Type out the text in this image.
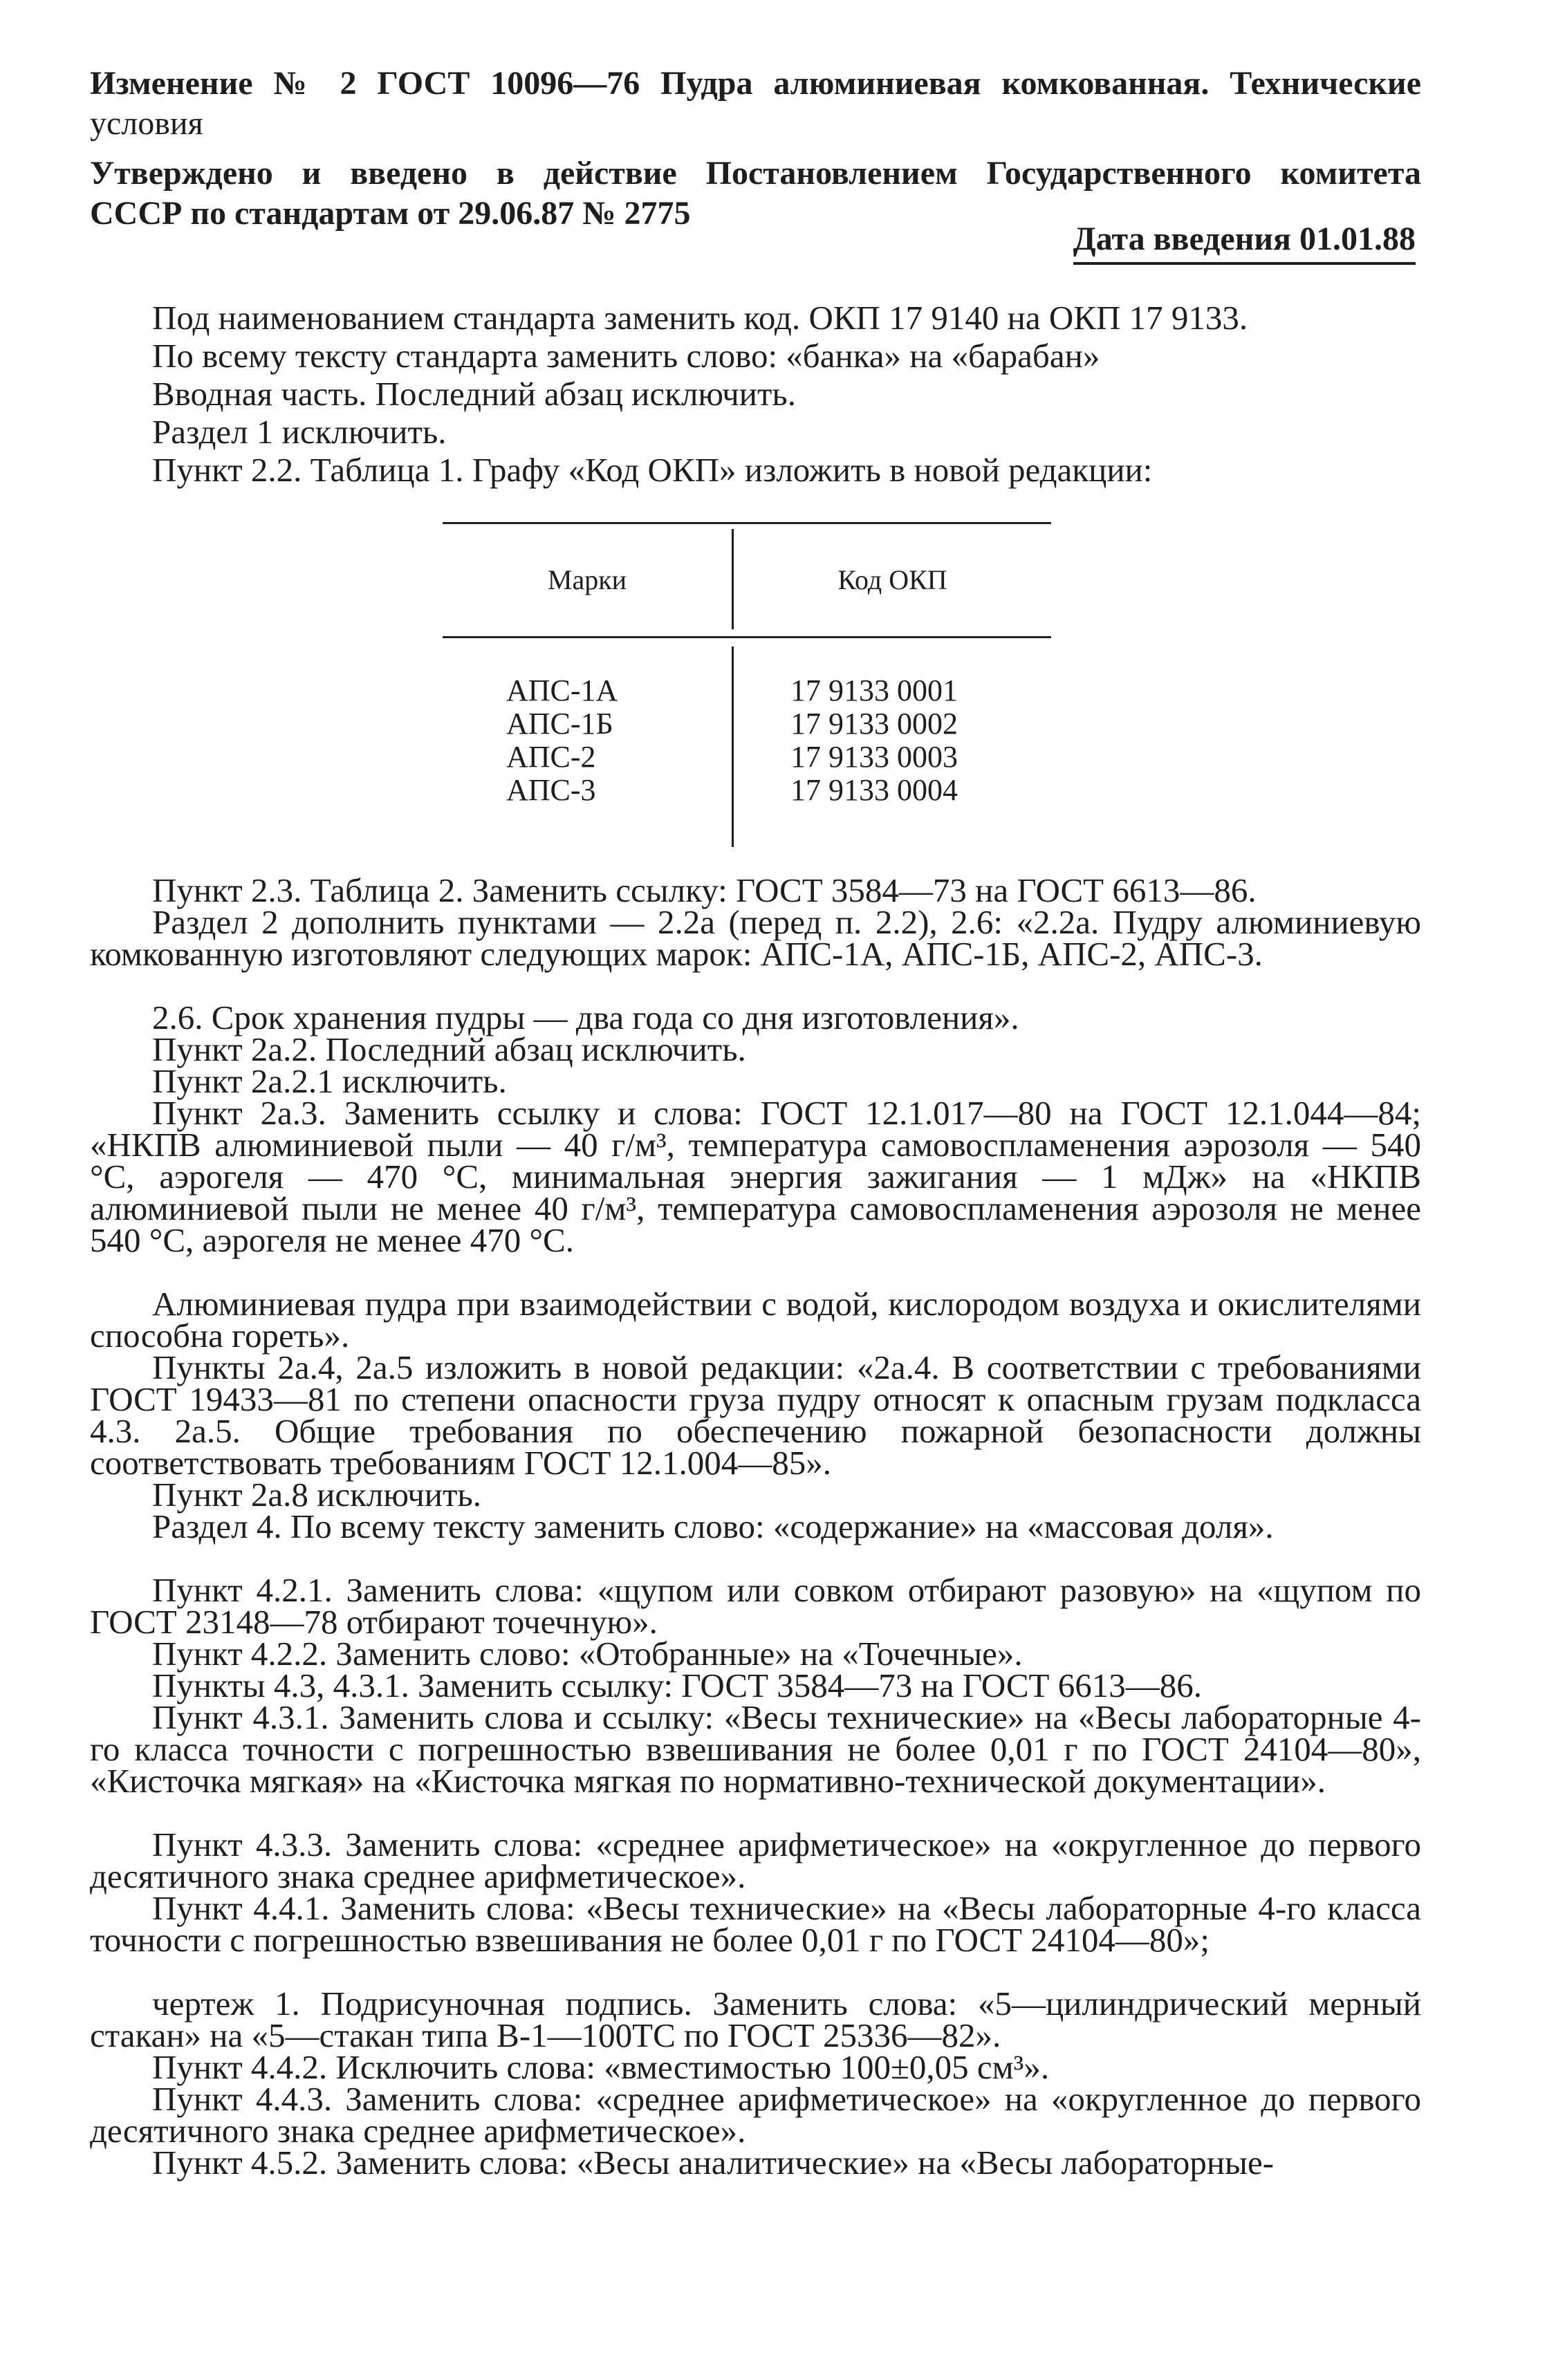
Изменение № 2 ГОСТ 10096—76 Пудра алюминиевая комкованная. Технические
условия
Утверждено и введено в действие Постановлением Государственного комитета
СССР по стандартам от 29.06.87 № 2775
Дата введения 01.01.88
Под наименованием стандарта заменить код. ОКП 17 9140 на ОКП 17 9133.
По всему тексту стандарта заменить слово: «банка» на «барабан»
Вводная часть. Последний абзац исключить.
Раздел 1 исключить.
Пункт 2.2. Таблица 1. Графу «Код ОКП» изложить в новой редакции:
Марки	Код ОКП
АПС-1А	17 9133 0001
АПС-1Б	17 9133 0002
АПС-2	17 9133 0003
АПС-3	17 9133 0004
Пункт 2.3. Таблица 2. Заменить ссылку: ГОСТ 3584—73 на ГОСТ 6613—86.
Раздел 2 дополнить пунктами — 2.2а (перед п. 2.2), 2.6: «2.2а. Пудру алюминиевую комкованную изготовляют следующих марок: АПС-1А, АПС-1Б, АПС-2, АПС-3.
2.6. Срок хранения пудры — два года со дня изготовления».
Пункт 2а.2. Последний абзац исключить.
Пункт 2а.2.1 исключить.
Пункт 2а.3. Заменить ссылку и слова: ГОСТ 12.1.017—80 на ГОСТ 12.1.044—84; «НКПВ алюминиевой пыли — 40 г/м³, температура самовоспламенения аэрозоля — 540 °С, аэрогеля — 470 °С, минимальная энергия зажигания — 1 мДж» на «НКПВ алюминиевой пыли не менее 40 г/м³, температура самовоспламенения аэрозоля не менее 540 °С, аэрогеля не менее 470 °С.
Алюминиевая пудра при взаимодействии с водой, кислородом воздуха и окислителями способна гореть».
Пункты 2а.4, 2а.5 изложить в новой редакции: «2а.4. В соответствии с требованиями ГОСТ 19433—81 по степени опасности груза пудру относят к опасным грузам подкласса 4.3. 2а.5. Общие требования по обеспечению пожарной безопасности должны соответствовать требованиям ГОСТ 12.1.004—85».
Пункт 2а.8 исключить.
Раздел 4. По всему тексту заменить слово: «содержание» на «массовая доля».
Пункт 4.2.1. Заменить слова: «щупом или совком отбирают разовую» на «щупом по ГОСТ 23148—78 отбирают точечную».
Пункт 4.2.2. Заменить слово: «Отобранные» на «Точечные».
Пункты 4.3, 4.3.1. Заменить ссылку: ГОСТ 3584—73 на ГОСТ 6613—86.
Пункт 4.3.1. Заменить слова и ссылку: «Весы технические» на «Весы лабораторные 4-го класса точности с погрешностью взвешивания не более 0,01 г по ГОСТ 24104—80», «Кисточка мягкая» на «Кисточка мягкая по нормативно-технической документации».
Пункт 4.3.3. Заменить слова: «среднее арифметическое» на «округленное до первого десятичного знака среднее арифметическое».
Пункт 4.4.1. Заменить слова: «Весы технические» на «Весы лабораторные 4-го класса точности с погрешностью взвешивания не более 0,01 г по ГОСТ 24104—80»;
чертеж 1. Подрисуночная подпись. Заменить слова: «5—цилиндрический мерный стакан» на «5—стакан типа В-1—100ТС по ГОСТ 25336—82».
Пункт 4.4.2. Исключить слова: «вместимостью 100±0,05 см³».
Пункт 4.4.3. Заменить слова: «среднее арифметическое» на «округленное до первого десятичного знака среднее арифметическое».
Пункт 4.5.2. Заменить слова: «Весы аналитические» на «Весы лабораторные-
